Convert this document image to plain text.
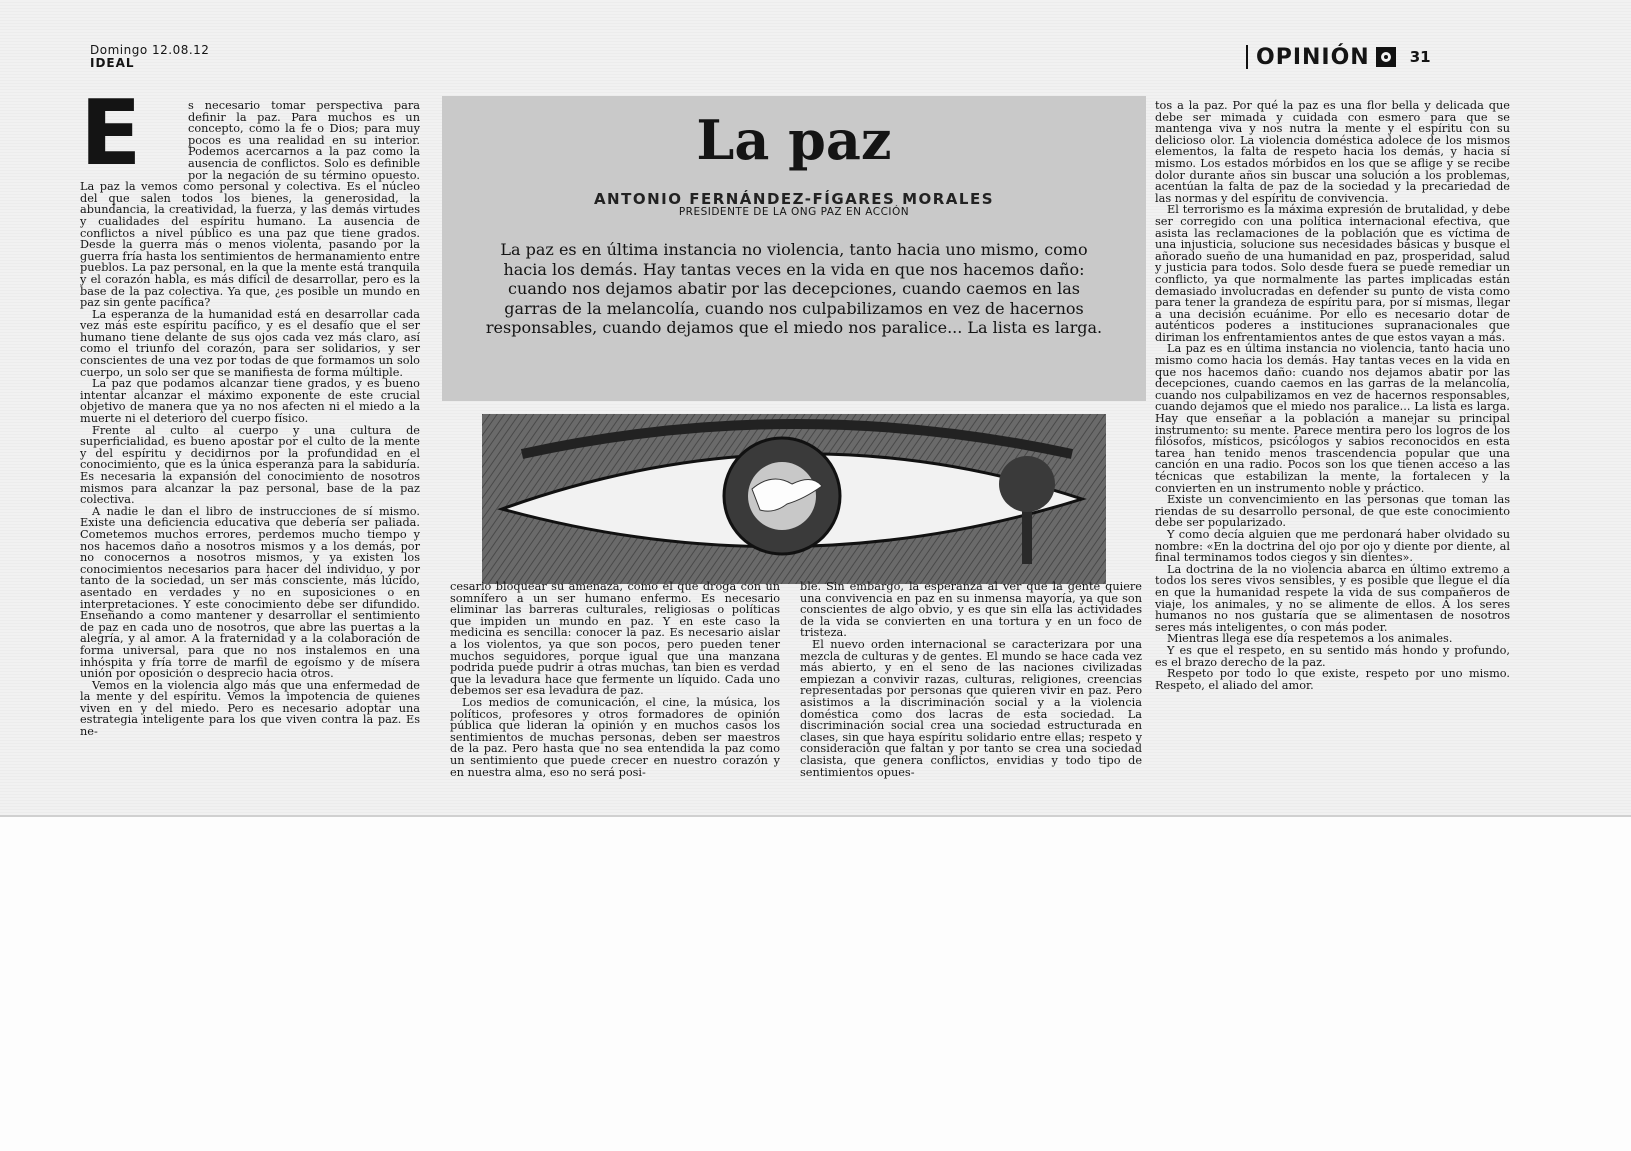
Domingo 12.08.12
IDEAL	OPINIÓN	31
E	s necesario tomar perspectiva para definir la paz. Para muchos es un concepto, como la fe o Dios; para muy pocos es una realidad en su interior. Podemos acercarnos a la paz como la ausencia de conflictos. Solo es definible por la negación de su término opuesto. La paz la vemos como personal y colectiva. Es el núcleo del que salen todos los bienes, la generosidad, la abundancia, la creatividad, la fuerza, y las demás virtudes y cualidades del espíritu humano. La ausencia de conflictos a nivel público es una paz que tiene grados. Desde la guerra más o menos violenta, pasando por la guerra fría hasta los sentimientos de hermanamiento entre pueblos. La paz personal, en la que la mente está tranquila y el corazón habla, es más difícil de desarrollar, pero es la base de la paz colectiva. Ya que, ¿es posible un mundo en paz sin gente pacífica?

La esperanza de la humanidad está en desarrollar cada vez más este espíritu pacífico, y es el desafío que el ser humano tiene delante de sus ojos cada vez más claro, así como el triunfo del corazón, para ser solidarios, y ser conscientes de una vez por todas de que formamos un solo cuerpo, un solo ser que se manifiesta de forma múltiple.

La paz que podamos alcanzar tiene grados, y es bueno intentar alcanzar el máximo exponente de este crucial objetivo de manera que ya no nos afecten ni el miedo a la muerte ni el deterioro del cuerpo físico.

Frente al culto al cuerpo y una cultura de superficialidad, es bueno apostar por el culto de la mente y del espíritu y decidirnos por la profundidad en el conocimiento, que es la única esperanza para la sabiduría. Es necesaria la expansión del conocimiento de nosotros mismos para alcanzar la paz personal, base de la paz colectiva.

A nadie le dan el libro de instrucciones de sí mismo. Existe una deficiencia educativa que debería ser paliada. Cometemos muchos errores, perdemos mucho tiempo y nos hacemos daño a nosotros mismos y a los demás, por no conocernos a nosotros mismos, y ya existen los conocimientos necesarios para hacer del individuo, y por tanto de la sociedad, un ser más consciente, más lúcido, asentado en verdades y no en suposiciones o en interpretaciones. Y este conocimiento debe ser difundido. Enseñando a como mantener y desarrollar el sentimiento de paz en cada uno de nosotros, que abre las puertas a la alegría, y al amor. A la fraternidad y a la colaboración de forma universal, para que no nos instalemos en una inhóspita y fría torre de marfil de egoísmo y de mísera unión por oposición o desprecio hacia otros.

Vemos en la violencia algo más que una enfermedad de la mente y del espíritu. Vemos la impotencia de quienes viven en y del miedo. Pero es necesario adoptar una estrategia inteligente para los que viven contra la paz. Es ne-

La paz
ANTONIO FERNÁNDEZ-FÍGARES MORALES
PRESIDENTE DE LA ONG PAZ EN ACCIÓN
La paz es en última instancia no violencia, tanto hacia uno mismo, como hacia los demás. Hay tantas veces en la vida en que nos hacemos daño: cuando nos dejamos abatir por las decepciones, cuando caemos en las garras de la melancolía, cuando nos culpabilizamos en vez de hacernos responsables, cuando dejamos que el miedo nos paralice... La lista es larga.

cesario bloquear su amenaza, como el que droga con un somnífero a un ser humano enfermo. Es necesario eliminar las barreras culturales, religiosas o políticas que impiden un mundo en paz. Y en este caso la medicina es sencilla: conocer la paz. Es necesario aislar a los violentos, ya que son pocos, pero pueden tener muchos seguidores, porque igual que una manzana podrida puede pudrir a otras muchas, tan bien es verdad que la levadura hace que fermente un líquido. Cada uno debemos ser esa levadura de paz.

Los medios de comunicación, el cine, la música, los políticos, profesores y otros formadores de opinión pública que lideran la opinión y en muchos casos los sentimientos de muchas personas, deben ser maestros de la paz. Pero hasta que no sea entendida la paz como un sentimiento que puede crecer en nuestro corazón y en nuestra alma, eso no será posi-

ble. Sin embargo, la esperanza al ver que la gente quiere una convivencia en paz en su inmensa mayoría, ya que son conscientes de algo obvio, y es que sin ella las actividades de la vida se convierten en una tortura y en un foco de tristeza.

El nuevo orden internacional se caracterizara por una mezcla de culturas y de gentes. El mundo se hace cada vez más abierto, y en el seno de las naciones civilizadas empiezan a convivir razas, culturas, religiones, creencias representadas por personas que quieren vivir en paz. Pero asistimos a la discriminación social y a la violencia doméstica como dos lacras de esta sociedad. La discriminación social crea una sociedad estructurada en clases, sin que haya espíritu solidario entre ellas; respeto y consideración que faltan y por tanto se crea una sociedad clasista, que genera conflictos, envidias y todo tipo de sentimientos opues-

tos a la paz. Por qué la paz es una flor bella y delicada que debe ser mimada y cuidada con esmero para que se mantenga viva y nos nutra la mente y el espíritu con su delicioso olor. La violencia doméstica adolece de los mismos elementos, la falta de respeto hacia los demás, y hacia sí mismo. Los estados mórbidos en los que se aflige y se recibe dolor durante años sin buscar una solución a los problemas, acentúan la falta de paz de la sociedad y la precariedad de las normas y del espíritu de convivencia.

El terrorismo es la máxima expresión de brutalidad, y debe ser corregido con una política internacional efectiva, que asista las reclamaciones de la población que es víctima de una injusticia, solucione sus necesidades básicas y busque el añorado sueño de una humanidad en paz, prosperidad, salud y justicia para todos. Solo desde fuera se puede remediar un conflicto, ya que normalmente las partes implicadas están demasiado involucradas en defender su punto de vista como para tener la grandeza de espíritu para, por sí mismas, llegar a una decisión ecuánime. Por ello es necesario dotar de auténticos poderes a instituciones supranacionales que diriman los enfrentamientos antes de que estos vayan a más.

La paz es en última instancia no violencia, tanto hacia uno mismo como hacia los demás. Hay tantas veces en la vida en que nos hacemos daño: cuando nos dejamos abatir por las decepciones, cuando caemos en las garras de la melancolía, cuando nos culpabilizamos en vez de hacernos responsables, cuando dejamos que el miedo nos paralice... La lista es larga. Hay que enseñar a la población a manejar su principal instrumento: su mente. Parece mentira pero los logros de los filósofos, místicos, psicólogos y sabios reconocidos en esta tarea han tenido menos trascendencia popular que una canción en una radio. Pocos son los que tienen acceso a las técnicas que estabilizan la mente, la fortalecen y la convierten en un instrumento noble y práctico.

Existe un convencimiento en las personas que toman las riendas de su desarrollo personal, de que este conocimiento debe ser popularizado.

Y como decía alguien que me perdonará haber olvidado su nombre: «En la doctrina del ojo por ojo y diente por diente, al final terminamos todos ciegos y sin dientes».

La doctrina de la no violencia abarca en último extremo a todos los seres vivos sensibles, y es posible que llegue el día en que la humanidad respete la vida de sus compañeros de viaje, los animales, y no se alimente de ellos. A los seres humanos no nos gustaría que se alimentasen de nosotros seres más inteligentes, o con más poder.

Mientras llega ese día respetemos a los animales.

Y es que el respeto, en su sentido más hondo y profundo, es el brazo derecho de la paz.

Respeto por todo lo que existe, respeto por uno mismo. Respeto, el aliado del amor.
